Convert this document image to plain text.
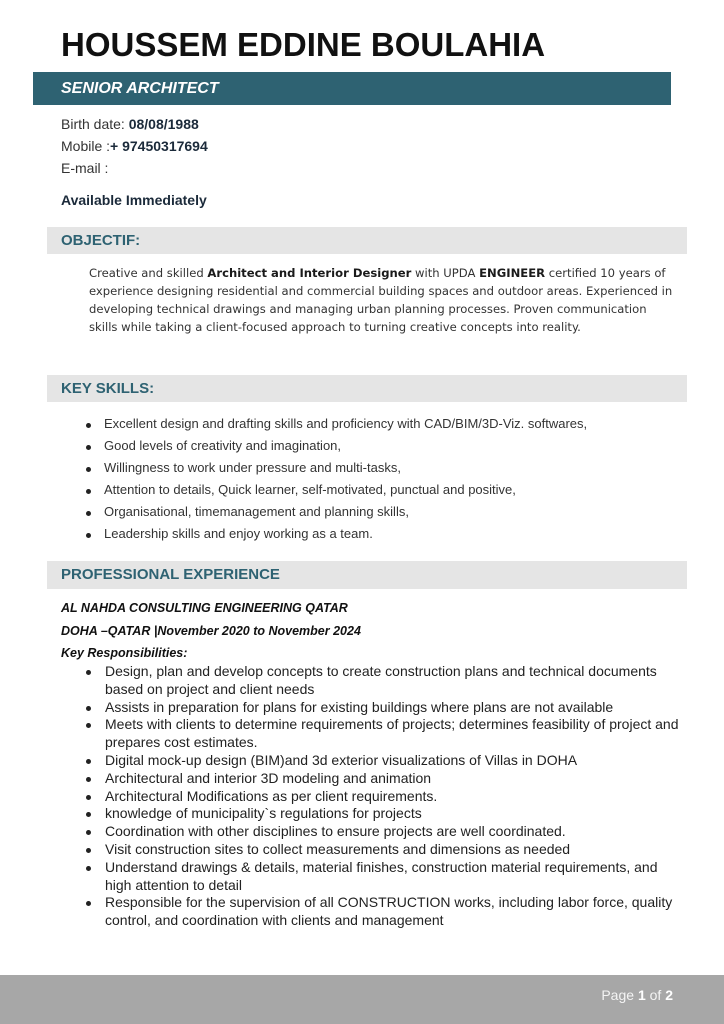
HOUSSEM EDDINE BOULAHIA
SENIOR ARCHITECT
Birth date: 08/08/1988
Mobile :+ 97450317694
E-mail :
Available Immediately
OBJECTIF:
Creative and skilled Architect and Interior Designer with UPDA ENGINEER certified 10 years of experience designing residential and commercial building spaces and outdoor areas. Experienced in developing technical drawings and managing urban planning processes. Proven communication skills while taking a client-focused approach to turning creative concepts into reality.
KEY SKILLS:
Excellent design and drafting skills and proficiency with CAD/BIM/3D-Viz. softwares,
Good levels of creativity and imagination,
Willingness to work under pressure and multi-tasks,
Attention to details, Quick learner, self-motivated, punctual and positive,
Organisational, timemanagement and planning skills,
Leadership skills and enjoy working as a team.
PROFESSIONAL EXPERIENCE
AL NAHDA CONSULTING ENGINEERING QATAR
DOHA –QATAR |November 2020 to November 2024
Key Responsibilities:
Design, plan and develop concepts to create construction plans and technical documents based on project and client needs
Assists in preparation for plans for existing buildings where plans are not available
Meets with clients to determine requirements of projects; determines feasibility of project and prepares cost estimates.
Digital mock-up design (BIM)and 3d exterior visualizations of Villas in DOHA
Architectural and interior 3D modeling and animation
Architectural Modifications as per client requirements.
knowledge of municipality`s regulations for projects
Coordination with other disciplines to ensure projects are well coordinated.
Visit construction sites to collect measurements and dimensions as needed
Understand drawings & details, material finishes, construction material requirements, and high attention to detail
Responsible for the supervision of all CONSTRUCTION works, including labor force, quality control, and coordination with clients and management
Page 1 of 2
